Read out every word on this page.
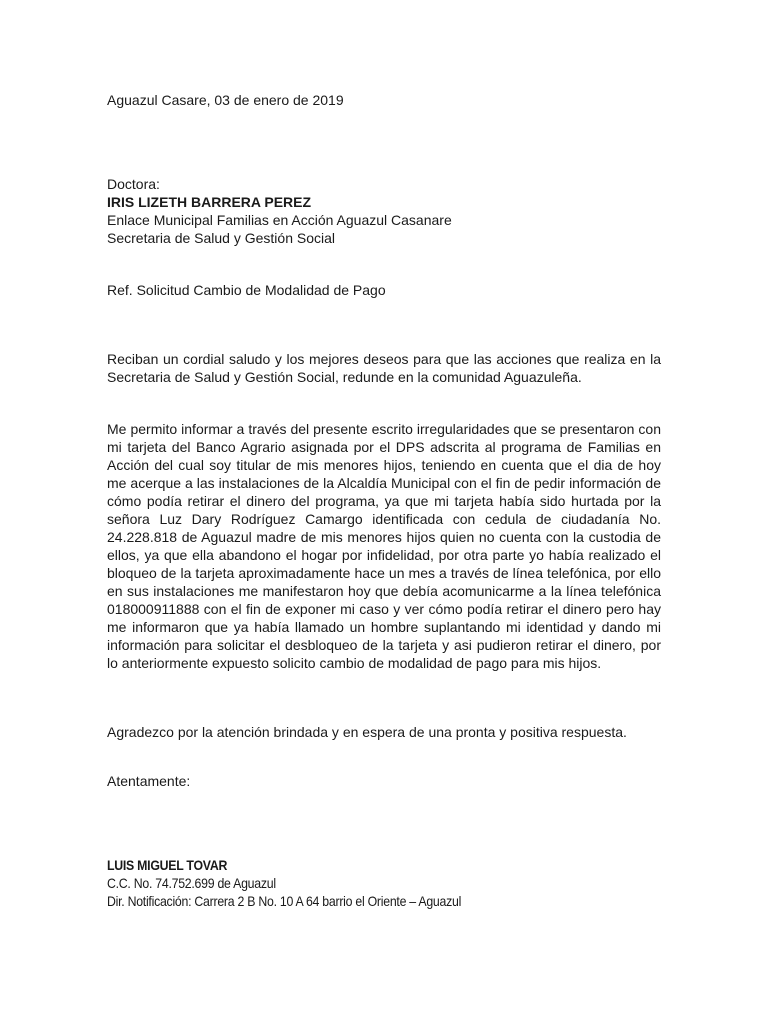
Aguazul Casare, 03 de enero de 2019
Doctora:
IRIS LIZETH BARRERA PEREZ
Enlace Municipal Familias en Acción Aguazul Casanare
Secretaria de Salud y Gestión Social
Ref. Solicitud Cambio de Modalidad de Pago
Reciban un cordial saludo y los mejores deseos para que las acciones que realiza en la Secretaria de Salud y Gestión Social, redunde en la comunidad Aguazuleña.
Me permito informar a través del presente escrito irregularidades que se presentaron con mi tarjeta del Banco Agrario asignada por el DPS adscrita al programa de Familias en Acción del cual soy titular de mis menores hijos, teniendo en cuenta que el dia de hoy me acerque a las instalaciones de la Alcaldía Municipal con el fin de pedir información de cómo podía retirar el dinero del programa, ya que mi tarjeta había sido hurtada por la señora Luz Dary Rodríguez Camargo identificada con cedula de ciudadanía No. 24.228.818 de Aguazul madre de mis menores hijos quien no cuenta con la custodia de ellos, ya que ella abandono el hogar por infidelidad, por otra parte yo había realizado el bloqueo de la tarjeta aproximadamente hace un mes a través de línea telefónica, por ello en sus instalaciones me manifestaron hoy que debía acomunicarme a la línea telefónica 018000911888 con el fin de exponer mi caso y ver cómo podía retirar el dinero pero hay me informaron que ya había llamado un hombre suplantando mi identidad y dando mi información para solicitar el desbloqueo de la tarjeta y asi pudieron retirar el dinero, por lo anteriormente expuesto solicito cambio de modalidad de pago para mis hijos.
Agradezco por la atención brindada y en espera de una pronta y positiva respuesta.
Atentamente:
LUIS MIGUEL TOVAR
C.C. No. 74.752.699 de Aguazul
Dir. Notificación: Carrera 2 B No. 10 A 64 barrio el Oriente – Aguazul
